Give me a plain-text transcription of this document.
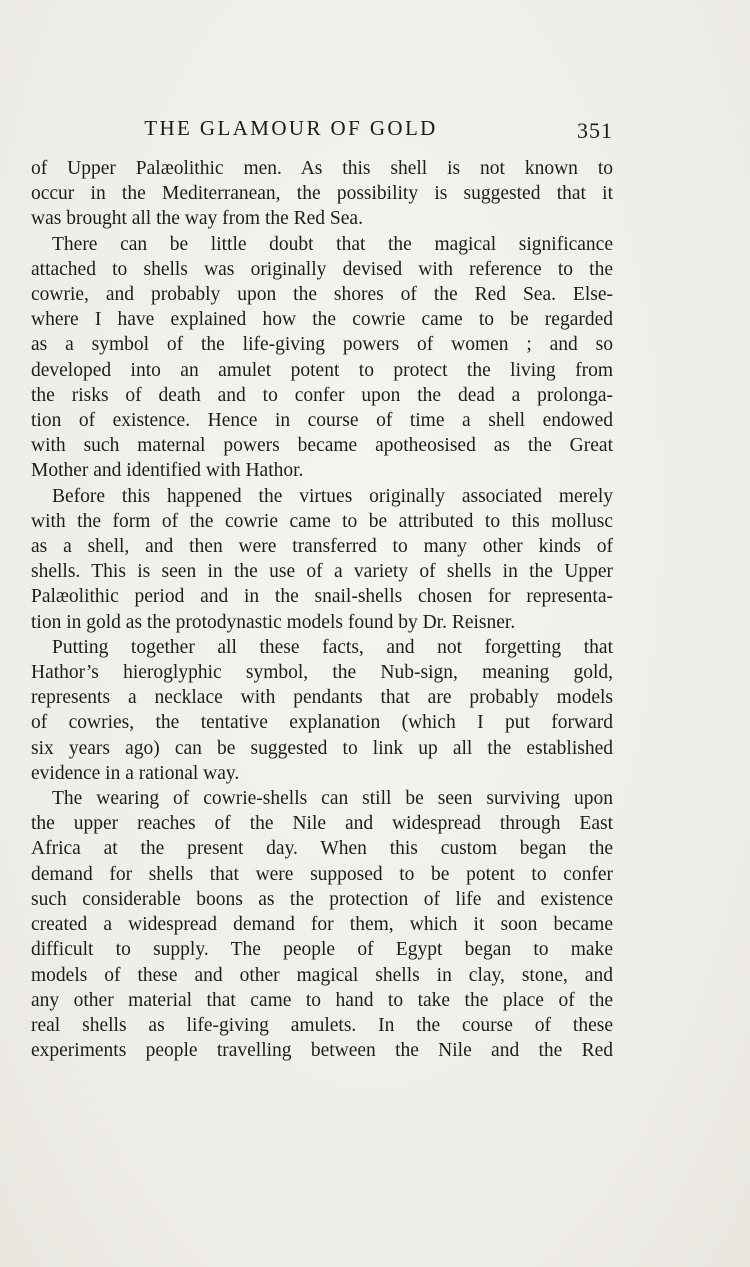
THE GLAMOUR OF GOLD	351

of Upper Palæolithic men. As this shell is not known to
occur in the Mediterranean, the possibility is suggested that it
was brought all the way from the Red Sea.

There can be little doubt that the magical significance
attached to shells was originally devised with reference to the
cowrie, and probably upon the shores of the Red Sea. Else-
where I have explained how the cowrie came to be regarded
as a symbol of the life-giving powers of women ; and so
developed into an amulet potent to protect the living from
the risks of death and to confer upon the dead a prolonga-
tion of existence. Hence in course of time a shell endowed
with such maternal powers became apotheosised as the Great
Mother and identified with Hathor.

Before this happened the virtues originally associated merely
with the form of the cowrie came to be attributed to this mollusc
as a shell, and then were transferred to many other kinds of
shells. This is seen in the use of a variety of shells in the Upper
Palæolithic period and in the snail-shells chosen for representa-
tion in gold as the protodynastic models found by Dr. Reisner.

Putting together all these facts, and not forgetting that
Hathor’s hieroglyphic symbol, the Nub-sign, meaning gold,
represents a necklace with pendants that are probably models
of cowries, the tentative explanation (which I put forward
six years ago) can be suggested to link up all the established
evidence in a rational way.

The wearing of cowrie-shells can still be seen surviving upon
the upper reaches of the Nile and widespread through East
Africa at the present day. When this custom began the
demand for shells that were supposed to be potent to confer
such considerable boons as the protection of life and existence
created a widespread demand for them, which it soon became
difficult to supply. The people of Egypt began to make
models of these and other magical shells in clay, stone, and
any other material that came to hand to take the place of the
real shells as life-giving amulets. In the course of these
experiments people travelling between the Nile and the Red
